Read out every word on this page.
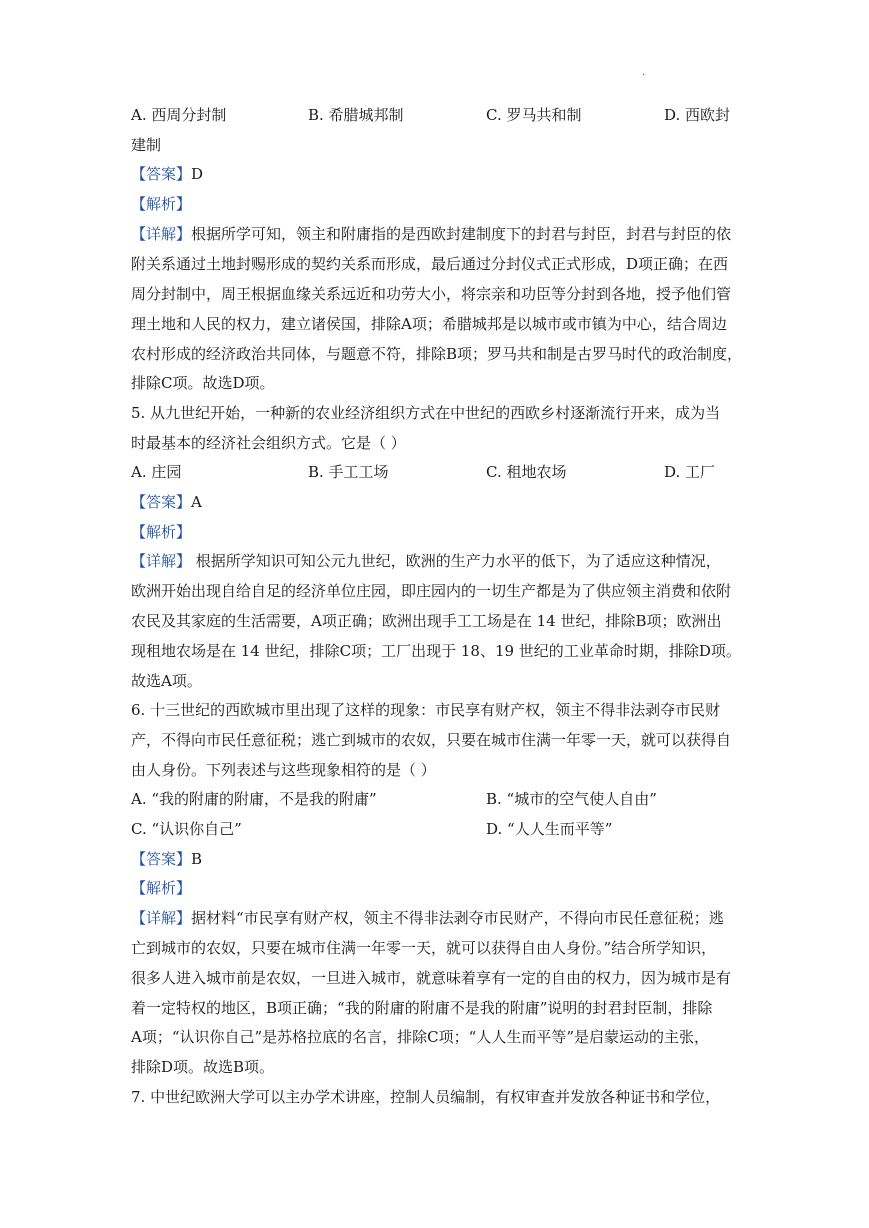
·
A. 西周分封制	B. 希腊城邦制	C. 罗马共和制	D. 西欧封
建制
【答案】D
【解析】
【详解】根据所学可知，领主和附庸指的是西欧封建制度下的封君与封臣，封君与封臣的依
附关系通过土地封赐形成的契约关系而形成，最后通过分封仪式正式形成，D项正确；在西
周分封制中，周王根据血缘关系远近和功劳大小，将宗亲和功臣等分封到各地，授予他们管
理土地和人民的权力，建立诸侯国，排除A项；希腊城邦是以城市或市镇为中心，结合周边
农村形成的经济政治共同体，与题意不符，排除B项；罗马共和制是古罗马时代的政治制度，
排除C项。故选D项。
5. 从九世纪开始，一种新的农业经济组织方式在中世纪的西欧乡村逐渐流行开来，成为当
时最基本的经济社会组织方式。它是（ ）
A. 庄园	B. 手工工场	C. 租地农场	D. 工厂
【答案】A
【解析】
【详解】 根据所学知识可知公元九世纪，欧洲的生产力水平的低下，为了适应这种情况，
欧洲开始出现自给自足的经济单位庄园，即庄园内的一切生产都是为了供应领主消费和依附
农民及其家庭的生活需要，A项正确；欧洲出现手工工场是在 14 世纪，排除B项；欧洲出
现租地农场是在 14 世纪，排除C项；工厂出现于 18、19 世纪的工业革命时期，排除D项。
故选A项。
6. 十三世纪的西欧城市里出现了这样的现象：市民享有财产权，领主不得非法剥夺市民财
产，不得向市民任意征税；逃亡到城市的农奴，只要在城市住满一年零一天，就可以获得自
由人身份。下列表述与这些现象相符的是（ ）
A. “我的附庸的附庸，不是我的附庸”	B. “城市的空气使人自由”
C. “认识你自己”	D. “人人生而平等”
【答案】B
【解析】
【详解】据材料“市民享有财产权，领主不得非法剥夺市民财产，不得向市民任意征税；逃
亡到城市的农奴，只要在城市住满一年零一天，就可以获得自由人身份。”结合所学知识，
很多人进入城市前是农奴，一旦进入城市，就意味着享有一定的自由的权力，因为城市是有
着一定特权的地区，B项正确；“我的附庸的附庸不是我的附庸”说明的封君封臣制，排除
A项；“认识你自己”是苏格拉底的名言，排除C项；“人人生而平等”是启蒙运动的主张，
排除D项。故选B项。
7. 中世纪欧洲大学可以主办学术讲座，控制人员编制，有权审查并发放各种证书和学位，
